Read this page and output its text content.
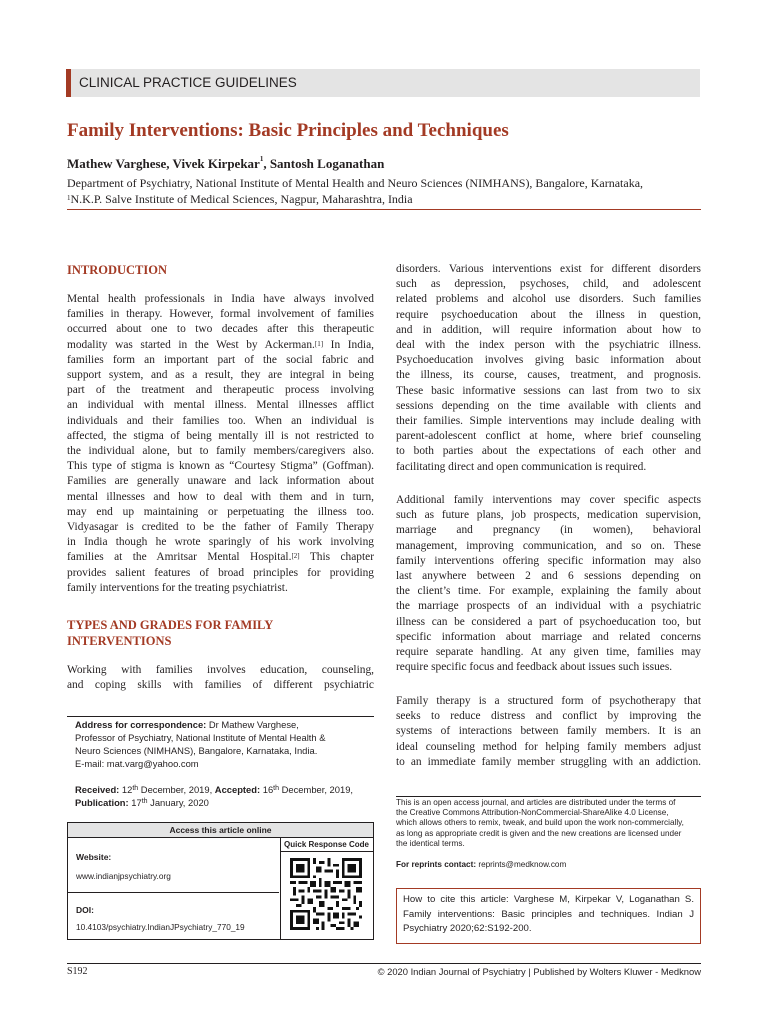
CLINICAL PRACTICE GUIDELINES
Family Interventions: Basic Principles and Techniques
Mathew Varghese, Vivek Kirpekar$^1$, Santosh Loganathan
Department of Psychiatry, National Institute of Mental Health and Neuro Sciences (NIMHANS), Bangalore, Karnataka,
$^1$N.K.P. Salve Institute of Medical Sciences, Nagpur, Maharashtra, India
INTRODUCTION
Mental health professionals in India have always involved
families in therapy. However, formal involvement of families
occurred about one to two decades after this therapeutic
modality was started in the West by Ackerman.[1] In India,
families form an important part of the social fabric and
support system, and as a result, they are integral in being
part of the treatment and therapeutic process involving
an individual with mental illness. Mental illnesses afflict
individuals and their families too. When an individual is
affected, the stigma of being mentally ill is not restricted to
the individual alone, but to family members/caregivers also.
This type of stigma is known as “Courtesy Stigma” (Goffman).
Families are generally unaware and lack information about
mental illnesses and how to deal with them and in turn,
may end up maintaining or perpetuating the illness too.
Vidyasagar is credited to be the father of Family Therapy
in India though he wrote sparingly of his work involving
families at the Amritsar Mental Hospital.[2] This chapter
provides salient features of broad principles for providing
family interventions for the treating psychiatrist.
TYPES AND GRADES FOR FAMILY
INTERVENTIONS
Working with families involves education, counseling,
and coping skills with families of different psychiatric
Address for correspondence: Dr Mathew Varghese,
Professor of Psychiatry, National Institute of Mental Health &
Neuro Sciences (NIMHANS), Bangalore, Karnataka, India.
E-mail: mat.varg@yahoo.com
Received: 12th December, 2019, Accepted: 16th December, 2019,
Publication: 17th January, 2020
Access this article online
Website:
www.indianjpsychiatry.org
DOI:
10.4103/psychiatry.IndianJPsychiatry_770_19
Quick Response Code
disorders. Various interventions exist for different disorders
such as depression, psychoses, child, and adolescent
related problems and alcohol use disorders. Such families
require psychoeducation about the illness in question,
and in addition, will require information about how to
deal with the index person with the psychiatric illness.
Psychoeducation involves giving basic information about
the illness, its course, causes, treatment, and prognosis.
These basic informative sessions can last from two to six
sessions depending on the time available with clients and
their families. Simple interventions may include dealing with
parent-adolescent conflict at home, where brief counseling
to both parties about the expectations of each other and
facilitating direct and open communication is required.
Additional family interventions may cover specific aspects
such as future plans, job prospects, medication supervision,
marriage and pregnancy (in women), behavioral
management, improving communication, and so on. These
family interventions offering specific information may also
last anywhere between 2 and 6 sessions depending on
the client’s time. For example, explaining the family about
the marriage prospects of an individual with a psychiatric
illness can be considered a part of psychoeducation too, but
specific information about marriage and related concerns
require separate handling. At any given time, families may
require specific focus and feedback about issues such issues.
Family therapy is a structured form of psychotherapy that
seeks to reduce distress and conflict by improving the
systems of interactions between family members. It is an
ideal counseling method for helping family members adjust
to an immediate family member struggling with an addiction.
This is an open access journal, and articles are distributed under the terms of
the Creative Commons Attribution-NonCommercial-ShareAlike 4.0 License,
which allows others to remix, tweak, and build upon the work non-commercially,
as long as appropriate credit is given and the new creations are licensed under
the identical terms.
For reprints contact: reprints@medknow.com
How to cite this article: Varghese M, Kirpekar V, Loganathan S.
Family interventions: Basic principles and techniques. Indian J
Psychiatry 2020;62:S192-200.
S192	© 2020 Indian Journal of Psychiatry | Published by Wolters Kluwer - Medknow
